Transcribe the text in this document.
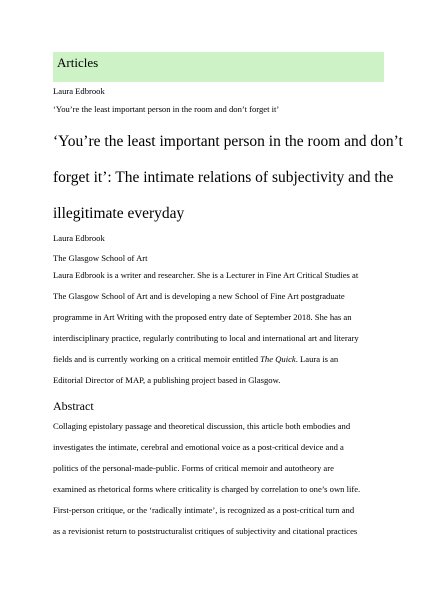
Articles
Laura Edbrook
‘You’re the least important person in the room and don’t forget it’
‘You’re the least important person in the room and don’t
forget it’: The intimate relations of subjectivity and the
illegitimate everyday
Laura Edbrook
The Glasgow School of Art
Laura Edbrook is a writer and researcher. She is a Lecturer in Fine Art Critical Studies at
The Glasgow School of Art and is developing a new School of Fine Art postgraduate
programme in Art Writing with the proposed entry date of September 2018. She has an
interdisciplinary practice, regularly contributing to local and international art and literary
fields and is currently working on a critical memoir entitled The Quick. Laura is an
Editorial Director of MAP, a publishing project based in Glasgow.
Abstract
Collaging epistolary passage and theoretical discussion, this article both embodies and
investigates the intimate, cerebral and emotional voice as a post-critical device and a
politics of the personal-made-public. Forms of critical memoir and autotheory are
examined as rhetorical forms where criticality is charged by correlation to one’s own life.
First-person critique, or the ‘radically intimate’, is recognized as a post-critical turn and
as a revisionist return to poststructuralist critiques of subjectivity and citational practices
